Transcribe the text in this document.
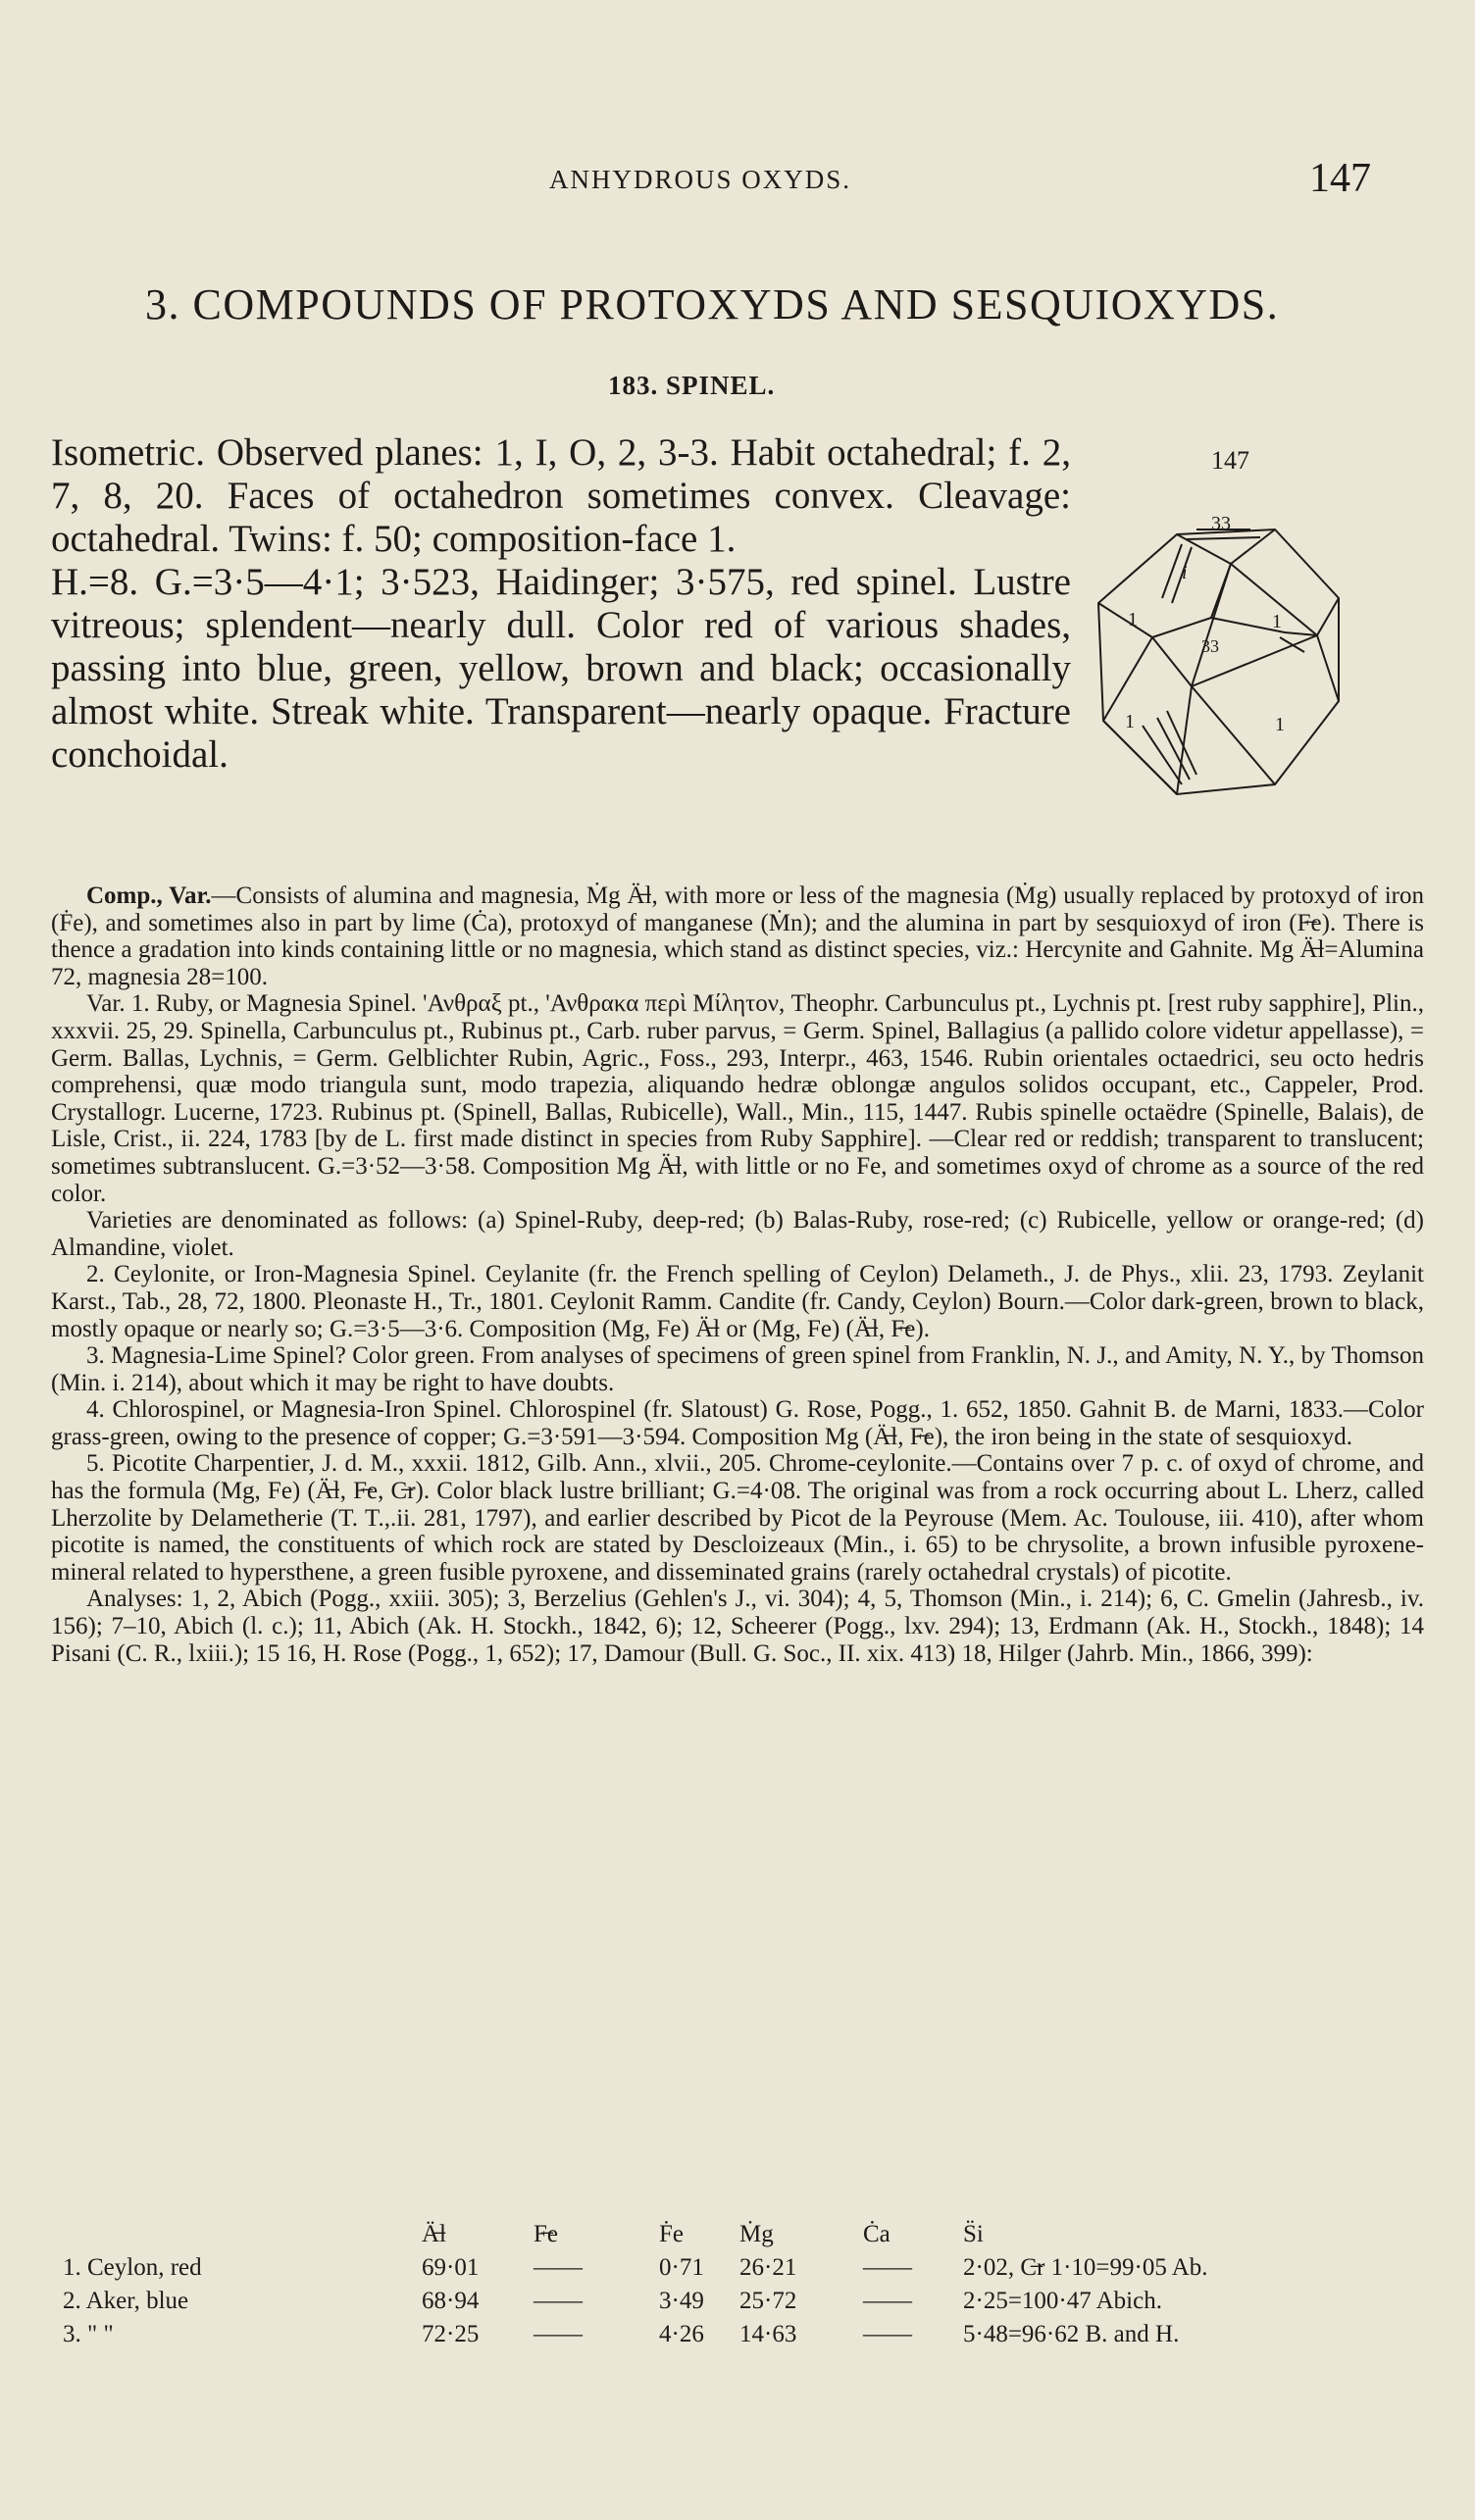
ANHYDROUS OXYDS.	147
3. COMPOUNDS OF PROTOXYDS AND SESQUIOXYDS.
183. SPINEL.

Isometric. Observed planes: 1, I, O, 2, 3-3. Habit octahedral; f. 2, 7, 8, 20. Faces of octahedron sometimes convex. Cleavage: octahedral. Twins: f. 50; composition-face 1.

H.=8. G.=3·5—4·1; 3·523, Haidinger; 3·575, red spinel. Lustre vitreous; splendent—nearly dull. Color red of various shades, passing into blue, green, yellow, brown and black; occasionally almost white. Streak white. Transparent—nearly opaque. Fracture conchoidal.

147
33
i
1	1
33
1	1

Comp., Var.—Consists of alumina and magnesia, Ṁg Ä̶l, with more or less of the magnesia (Ṁg) usually replaced by protoxyd of iron (Ḟe), and sometimes also in part by lime (Ċa), protoxyd of manganese (Ṁn); and the alumina in part by sesquioxyd of iron (F̶e). There is thence a gradation into kinds containing little or no magnesia, which stand as distinct species, viz.: Hercynite and Gahnite. Mg Ä̶l=Alumina 72, magnesia 28=100.

Var. 1. Ruby, or Magnesia Spinel. 'Ανθραξ pt., 'Ανθρακα περὶ Μίλητον, Theophr. Carbunculus pt., Lychnis pt. [rest ruby sapphire], Plin., xxxvii. 25, 29. Spinella, Carbunculus pt., Rubinus pt., Carb. ruber parvus, = Germ. Spinel, Ballagius (a pallido colore videtur appellasse), = Germ. Ballas, Lychnis, = Germ. Gelblichter Rubin, Agric., Foss., 293, Interpr., 463, 1546. Rubin orientales octaedrici, seu octo hedris comprehensi, quæ modo triangula sunt, modo trapezia, aliquando hedræ oblongæ angulos solidos occupant, etc., Cappeler, Prod. Crystallogr. Lucerne, 1723. Rubinus pt. (Spinell, Ballas, Rubicelle), Wall., Min., 115, 1447. Rubis spinelle octaëdre (Spinelle, Balais), de Lisle, Crist., ii. 224, 1783 [by de L. first made distinct in species from Ruby Sapphire]. —Clear red or reddish; transparent to translucent; sometimes subtranslucent. G.=3·52—3·58. Composition Mg Ä̶l, with little or no Fe, and sometimes oxyd of chrome as a source of the red color.

Varieties are denominated as follows: (a) Spinel-Ruby, deep-red; (b) Balas-Ruby, rose-red; (c) Rubicelle, yellow or orange-red; (d) Almandine, violet.

2. Ceylonite, or Iron-Magnesia Spinel. Ceylanite (fr. the French spelling of Ceylon) Delameth., J. de Phys., xlii. 23, 1793. Zeylanit Karst., Tab., 28, 72, 1800. Pleonaste H., Tr., 1801. Ceylonit Ramm. Candite (fr. Candy, Ceylon) Bourn.—Color dark-green, brown to black, mostly opaque or nearly so; G.=3·5—3·6. Composition (Mg, Fe) Ä̶l or (Mg, Fe) (Ä̶l, F̶e).

3. Magnesia-Lime Spinel? Color green. From analyses of specimens of green spinel from Franklin, N. J., and Amity, N. Y., by Thomson (Min. i. 214), about which it may be right to have doubts.

4. Chlorospinel, or Magnesia-Iron Spinel. Chlorospinel (fr. Slatoust) G. Rose, Pogg., 1. 652, 1850. Gahnit B. de Marni, 1833.—Color grass-green, owing to the presence of copper; G.=3·591—3·594. Composition Mg (Ä̶l, F̶e), the iron being in the state of sesquioxyd.

5. Picotite Charpentier, J. d. M., xxxii. 1812, Gilb. Ann., xlvii., 205. Chrome-ceylonite.—Contains over 7 p. c. of oxyd of chrome, and has the formula (Mg, Fe) (Ä̶l, F̶e, C̶r). Color black lustre brilliant; G.=4·08. The original was from a rock occurring about L. Lherz, called Lherzolite by Delametherie (T. T.,.ii. 281, 1797), and earlier described by Picot de la Peyrouse (Mem. Ac. Toulouse, iii. 410), after whom picotite is named, the constituents of which rock are stated by Descloizeaux (Min., i. 65) to be chrysolite, a brown infusible pyroxene-mineral related to hypersthene, a green fusible pyroxene, and disseminated grains (rarely octahedral crystals) of picotite.

Analyses: 1, 2, Abich (Pogg., xxiii. 305); 3, Berzelius (Gehlen's J., vi. 304); 4, 5, Thomson (Min., i. 214); 6, C. Gmelin (Jahresb., iv. 156); 7–10, Abich (l. c.); 11, Abich (Ak. H. Stockh., 1842, 6); 12, Scheerer (Pogg., lxv. 294); 13, Erdmann (Ak. H., Stockh., 1848); 14 Pisani (C. R., lxiii.); 15 16, H. Rose (Pogg., 1, 652); 17, Damour (Bull. G. Soc., II. xix. 413) 18, Hilger (Jahrb. Min., 1866, 399):

Ä̶l	F̶e	Ḟe Ṁg	Ċa	S̈i
1. Ceylon, red	69·01 ——	0·71 26·21	—— 2·02, C̶r 1·10=99·05 Ab.
2. Aker, blue	68·94 ——	3·49 25·72	—— 2·25=100·47 Abich.
3. " "	72·25 ——	4·26 14·63	—— 5·48=96·62 B. and H.
